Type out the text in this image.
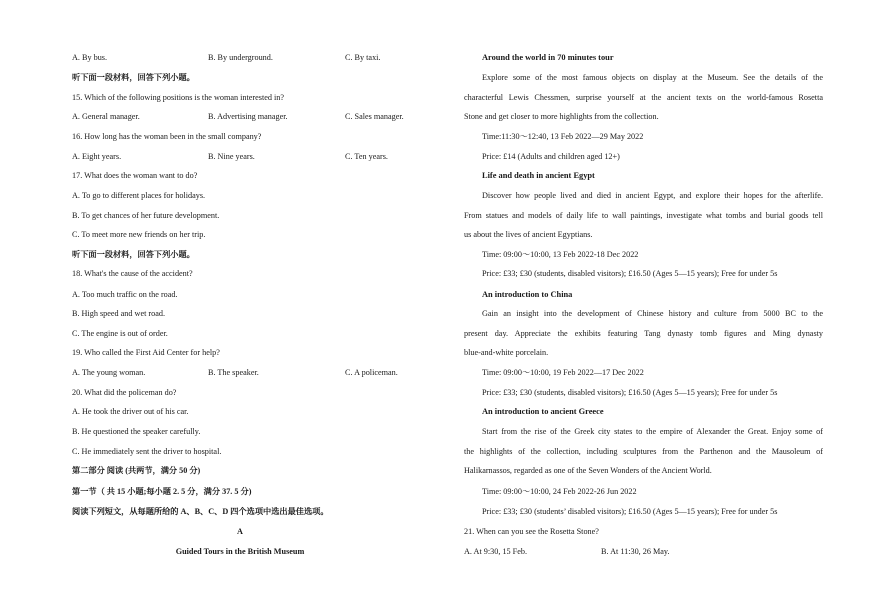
A. By bus.	B. By underground.	C. By taxi.

听下面一段材料，回答下列小题。

15. Which of the following positions is the woman interested in?

A. General manager.	B. Advertising manager.	C. Sales manager.

16. How long has the woman been in the small company?

A. Eight years.	B. Nine years.	C. Ten years.

17. What does the woman want to do?

A. To go to different places for holidays.

B. To get chances of her future development.

C. To meet more new friends on her trip.

听下面一段材料，回答下列小题。

18. What's the cause of the accident?

A. Too much traffic on the road.

B. High speed and wet road.

C. The engine is out of order.

19. Who called the First Aid Center for help?

A. The young woman.	B. The speaker.	C. A policeman.

20. What did the policeman do?

A. He took the driver out of his car.

B. He questioned the speaker carefully.

C. He immediately sent the driver to hospital.

第二部分 阅读 (共两节，满分 50 分)

第一节（ 共 15 小题;每小题 2. 5 分，满分 37. 5 分)

阅读下列短文，从每题所给的 A、B、C、D 四个选项中选出最佳选项。

A

Guided Tours in the British Museum

Around the world in 70 minutes tour

Explore some of the most famous objects on display at the Museum. See the details of the

characterful Lewis Chessmen, surprise yourself at the ancient texts on the world-famous Rosetta

Stone and get closer to more highlights from the collection.

Time:11:30～12:40, 13 Feb 2022—29 May 2022

Price: £14 (Adults and children aged 12+)

Life and death in ancient Egypt

Discover how people lived and died in ancient Egypt, and explore their hopes for the afterlife.

From statues and models of daily life to wall paintings, investigate what tombs and burial goods tell

us about the lives of ancient Egyptians.

Time: 09:00～10:00, 13 Feb 2022-18 Dec 2022

Price: £33; £30 (students, disabled visitors); £16.50 (Ages 5—15 years); Free for under 5s

An introduction to China

Gain an insight into the development of Chinese history and culture from 5000 BC to the

present day. Appreciate the exhibits featuring Tang dynasty tomb figures and Ming dynasty

blue-and-white porcelain.

Time: 09:00～10:00, 19 Feb 2022—17 Dec 2022

Price: £33; £30 (students, disabled visitors); £16.50 (Ages 5—15 years); Free for under 5s

An introduction to ancient Greece

Start from the rise of the Greek city states to the empire of Alexander the Great. Enjoy some of

the highlights of the collection, including sculptures from the Parthenon and the Mausoleum of

Halikarnassos, regarded as one of the Seven Wonders of the Ancient World.

Time: 09:00～10:00, 24 Feb 2022-26 Jun 2022

Price: £33; £30 (students’ disabled visitors); £16.50 (Ages 5—15 years); Free for under 5s

21. When can you see the Rosetta Stone?

A. At 9:30, 15 Feb.	B. At 11:30, 26 May.
